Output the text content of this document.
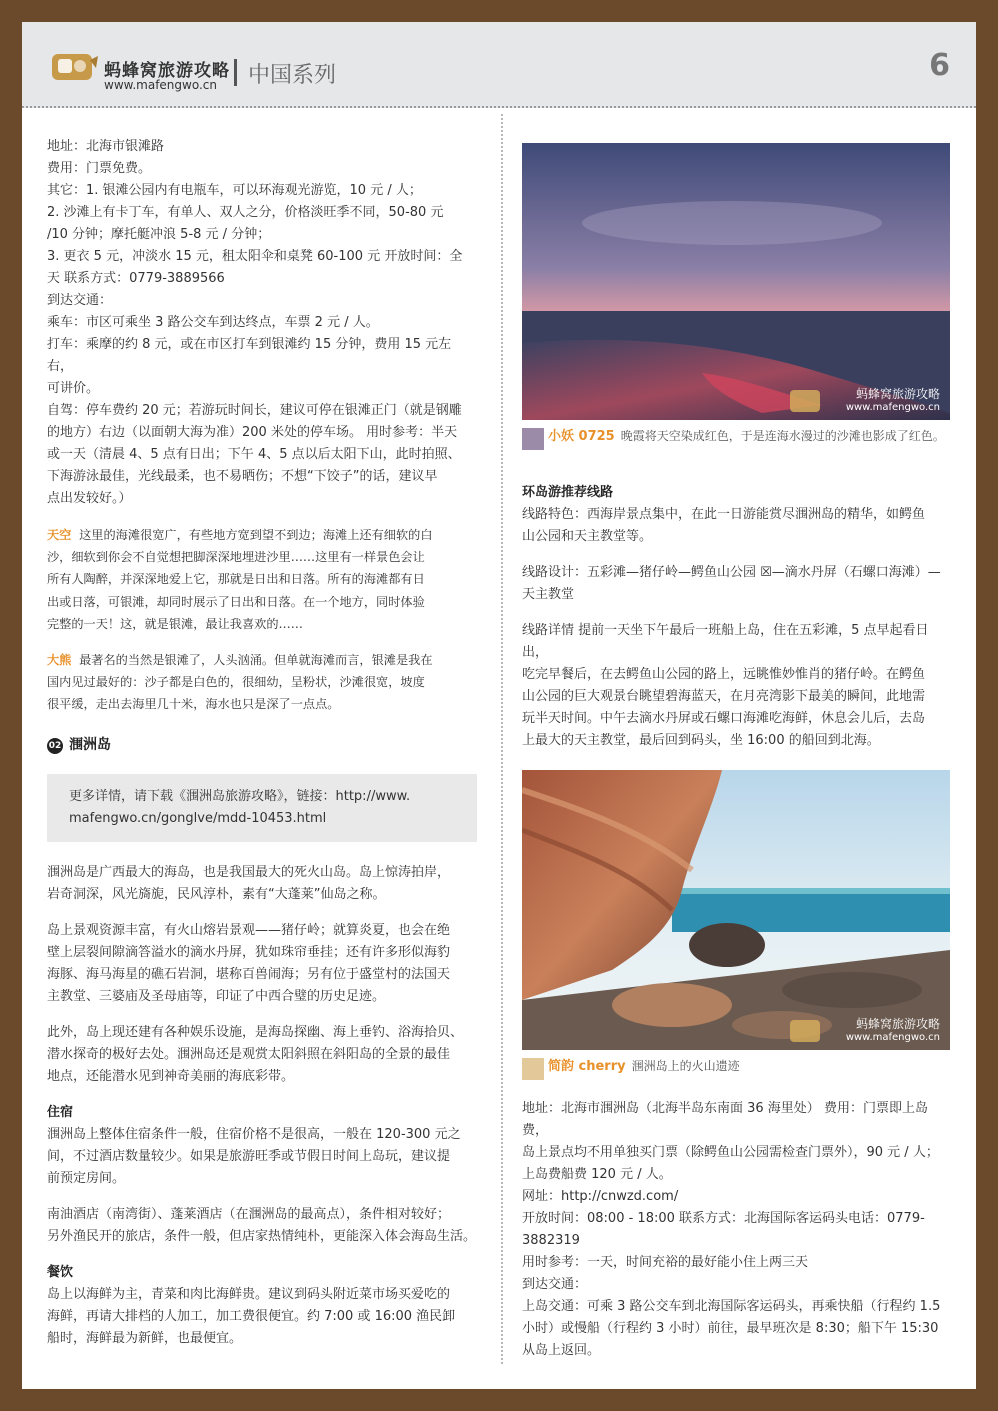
蚂蜂窝旅游攻略
www.mafengwo.cn 中国系列	6

地址：北海市银滩路

费用：门票免费。

其它：1. 银滩公园内有电瓶车，可以环海观光游览，10 元 / 人；

2. 沙滩上有卡丁车，有单人、双人之分，价格淡旺季不同，50-80 元

/10 分钟；摩托艇冲浪 5-8 元 / 分钟；

3. 更衣 5 元，冲淡水 15 元，租太阳伞和桌凳 60-100 元 开放时间：全

天 联系方式：0779-3889566

到达交通：

乘车：市区可乘坐 3 路公交车到达终点，车票 2 元 / 人。

打车：乘摩的约 8 元，或在市区打车到银滩约 15 分钟，费用 15 元左右，

可讲价。

自驾：停车费约 20 元；若游玩时间长，建议可停在银滩正门（就是钢雕

的地方）右边（以面朝大海为准）200 米处的停车场。 用时参考：半天

或一天（清晨 4、5 点有日出；下午 4、5 点以后太阳下山，此时拍照、

下海游泳最佳，光线最柔，也不易晒伤；不想“下饺子”的话，建议早

点出发较好。）

天空 这里的海滩很宽广，有些地方宽到望不到边；海滩上还有细软的白

沙，细软到你会不自觉想把脚深深地埋进沙里……这里有一样景色会让

所有人陶醉，并深深地爱上它，那就是日出和日落。所有的海滩都有日

出或日落，可银滩，却同时展示了日出和日落。在一个地方，同时体验

完整的一天！这，就是银滩，最让我喜欢的……

大熊 最著名的当然是银滩了，人头汹涌。但单就海滩而言，银滩是我在

国内见过最好的：沙子都是白色的，很细幼，呈粉状，沙滩很宽，坡度

很平缓，走出去海里几十米，海水也只是深了一点点。

02 涠洲岛

更多详情，请下载《涠洲岛旅游攻略》，链接：http://www.

mafengwo.cn/gonglve/mdd-10453.html

涠洲岛是广西最大的海岛，也是我国最大的死火山岛。岛上惊涛拍岸，

岩奇洞深，风光旖旎，民风淳朴，素有“大蓬莱”仙岛之称。

岛上景观资源丰富，有火山熔岩景观——猪仔岭；就算炎夏，也会在绝

壁上层裂间隙滴答溢水的滴水丹屏，犹如珠帘垂挂；还有许多形似海豹

海豚、海马海星的礁石岩洞，堪称百兽闹海；另有位于盛堂村的法国天

主教堂、三婆庙及圣母庙等，印证了中西合璧的历史足迹。

此外，岛上现还建有各种娱乐设施，是海岛探幽、海上垂钓、浴海拾贝、

潜水探奇的极好去处。涠洲岛还是观赏太阳斜照在斜阳岛的全景的最佳

地点，还能潜水见到神奇美丽的海底彩带。

住宿

涠洲岛上整体住宿条件一般，住宿价格不是很高，一般在 120-300 元之

间，不过酒店数量较少。如果是旅游旺季或节假日时间上岛玩，建议提

前预定房间。

南油酒店（南湾街）、蓬莱酒店（在涠洲岛的最高点），条件相对较好；

另外渔民开的旅店，条件一般，但店家热情纯朴，更能深入体会海岛生活。

餐饮

岛上以海鲜为主，青菜和肉比海鲜贵。建议到码头附近菜市场买爱吃的

海鲜，再请大排档的人加工，加工费很便宜。约 7:00 或 16:00 渔民卸

船时，海鲜最为新鲜，也最便宜。

蚂蜂窝旅游攻略
www.mafengwo.cn
小妖 0725 晚霞将天空染成红色，于是连海水漫过的沙滩也影成了红色。

环岛游推荐线路

线路特色：西海岸景点集中，在此一日游能赏尽涠洲岛的精华，如鳄鱼

山公园和天主教堂等。

线路设计：五彩滩—猪仔岭—鳄鱼山公园 ☒—滴水丹屏（石螺口海滩）—

天主教堂

线路详情 提前一天坐下午最后一班船上岛，住在五彩滩，5 点早起看日出，

吃完早餐后，在去鳄鱼山公园的路上，远眺惟妙惟肖的猪仔岭。在鳄鱼

山公园的巨大观景台眺望碧海蓝天，在月亮湾影下最美的瞬间，此地需

玩半天时间。中午去滴水丹屏或石螺口海滩吃海鲜，休息会儿后，去岛

上最大的天主教堂，最后回到码头，坐 16:00 的船回到北海。

蚂蜂窝旅游攻略
www.mafengwo.cn
简韵 cherry 涠洲岛上的火山遗迹

地址：北海市涠洲岛（北海半岛东南面 36 海里处） 费用：门票即上岛费，

岛上景点均不用单独买门票（除鳄鱼山公园需检查门票外），90 元 / 人；

上岛费船费 120 元 / 人。

网址：http://cnwzd.com/

开放时间：08:00 - 18:00 联系方式：北海国际客运码头电话：0779-

3882319

用时参考：一天，时间充裕的最好能小住上两三天

到达交通：

上岛交通：可乘 3 路公交车到北海国际客运码头，再乘快船（行程约 1.5

小时）或慢船（行程约 3 小时）前往，最早班次是 8:30；船下午 15:30

从岛上返回。
